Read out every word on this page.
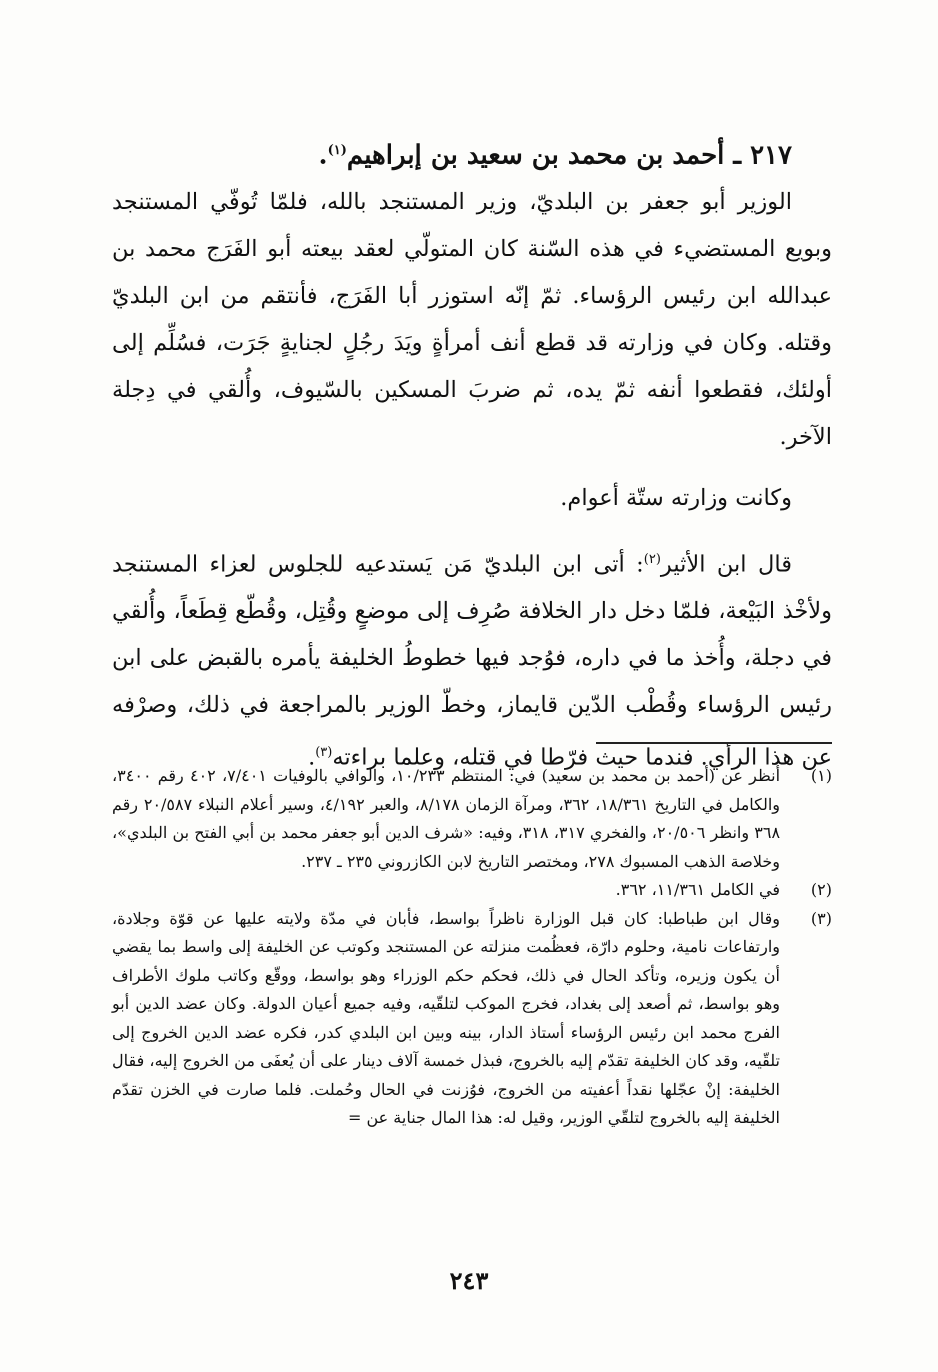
٢١٧ ـ أحمد بن محمد بن سعيد بن إبراهيم$^{(١)}$.

الوزير أبو جعفر بن البلديّ، وزير المستنجد بالله، فلمّا تُوفّي المستنجد وبويع المستضيء في هذه السّنة كان المتولّي لعقد بيعته أبو الفَرَج محمد بن عبدالله ابن رئيس الرؤساء. ثمّ إنّه استوزر أبا الفَرَج، فأنتقم من ابن البلديّ وقتله. وكان في وزارته قد قطع أنف أمرأةٍ ويَدَ رجُلٍ لجنايةٍ جَرَت، فسُلِّم إلى أولئك، فقطعوا أنفه ثمّ يده، ثم ضربَ المسكين بالسّيوف، وأُلقي في دِجلة الآخر.

وكانت وزارته ستّة أعوام.

قال ابن الأثير$^{(٢)}$: أتى ابن البلديّ مَن يَستدعيه للجلوس لعزاء المستنجد ولأخْذ البَيْعة، فلمّا دخل دار الخلافة صُرِف إلى موضعٍ وقُتِل، وقُطّع قِطَعاً، وأُلقي في دجلة، وأُخذ ما في داره، فوُجد فيها خطوطُ الخليفة يأمره بالقبض على ابن رئيس الرؤساء وقُطْب الدّين قايماز، وخطّ الوزير بالمراجعة في ذلك، وصرْفه عن هذا الرأي. فندما حيث فرّطا في قتله، وعلما براءته$^{(٣)}$.

(١)
أنظر عن (أحمد بن محمد بن سعيد) في: المنتظم ١٠/٢٣٣، والوافي بالوفيات ٧/٤٠١، ٤٠٢ رقم ٣٤٠٠، والكامل في التاريخ ١٨/٣٦١، ٣٦٢، ومرآة الزمان ٨/١٧٨، والعبر ٤/١٩٢، وسير أعلام النبلاء ٢٠/٥٨٧ رقم ٣٦٨ وانظر ٢٠/٥٠٦، والفخري ٣١٧، ٣١٨، وفيه: «شرف الدين أبو جعفر محمد بن أبي الفتح بن البلدي»، وخلاصة الذهب المسبوك ٢٧٨، ومختصر التاريخ لابن الكازروني ٢٣٥ ـ ٢٣٧.
(٢)
في الكامل ١١/٣٦١، ٣٦٢.
(٣)
وقال ابن طباطبا: كان قبل الوزارة ناظراً بواسط، فأبان في مدّة ولايته عليها عن قوّة وجلادة، وارتفاعات نامية، وحلوم دارّة، فعظُمت منزلته عن المستنجد وكوتب عن الخليفة إلى واسط بما يقضي أن يكون وزيره، وتأكد الحال في ذلك، فحكم حكم الوزراء وهو بواسط، ووقّع وكاتب ملوك الأطراف وهو بواسط، ثم أصعد إلى بغداد، فخرج الموكب لتلقّيه، وفيه جميع أعيان الدولة. وكان عضد الدين أبو الفرج محمد ابن رئيس الرؤساء أستاذ الدار، بينه وبين ابن البلدي كدر، فكره عضد الدين الخروج إلى تلقّيه، وقد كان الخليفة تقدّم إليه بالخروج، فبذل خمسة آلاف دينار على أن يُعفَى من الخروج إليه، فقال الخليفة: إنْ عجّلها نقداً أعفيته من الخروج، فوُزنت في الحال وحُملت. فلما صارت في الخزن تقدّم الخليفة إليه بالخروج لتلقّي الوزير، وقيل له: هذا المال جناية عن =
٢٤٣
